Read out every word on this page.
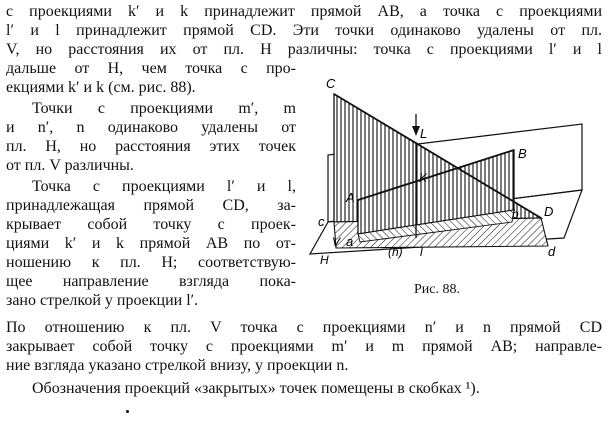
с проекциями k′ и k принадлежит прямой AB, а точка с проекциями
l′ и l принадлежит прямой CD. Эти точки одинаково удалены от пл.
V, но расстояния их от пл. H различны: точка с проекциями l′ и l
дальше от H, чем точка с про-
екциями k′ и k (см. рис. 88).
Точки с проекциями m′, m
и n′, n одинаково удалены от
пл. H, но расстояния этих точек
от пл. V различны.
Точка с проекциями l′ и l,
принадлежащая прямой CD, за-
крывает собой точку с проек-
циями k′ и k прямой AB по от-
ношению к пл. H; соответствую-
щее направление взгляда пока-
зано стрелкой у проекции l′.
По отношению к пл. V точка с проекциями n′ и n прямой CD
закрывает собой точку с проекциями m′ и m прямой AB; направле-
ние взгляда указано стрелкой внизу, у проекции n.
Обозначения проекций «закрытых» точек помещены в скобках ¹).
C
L
K
B
A
D
c
a
(h) l
b
d
V
H
Рис. 88.
